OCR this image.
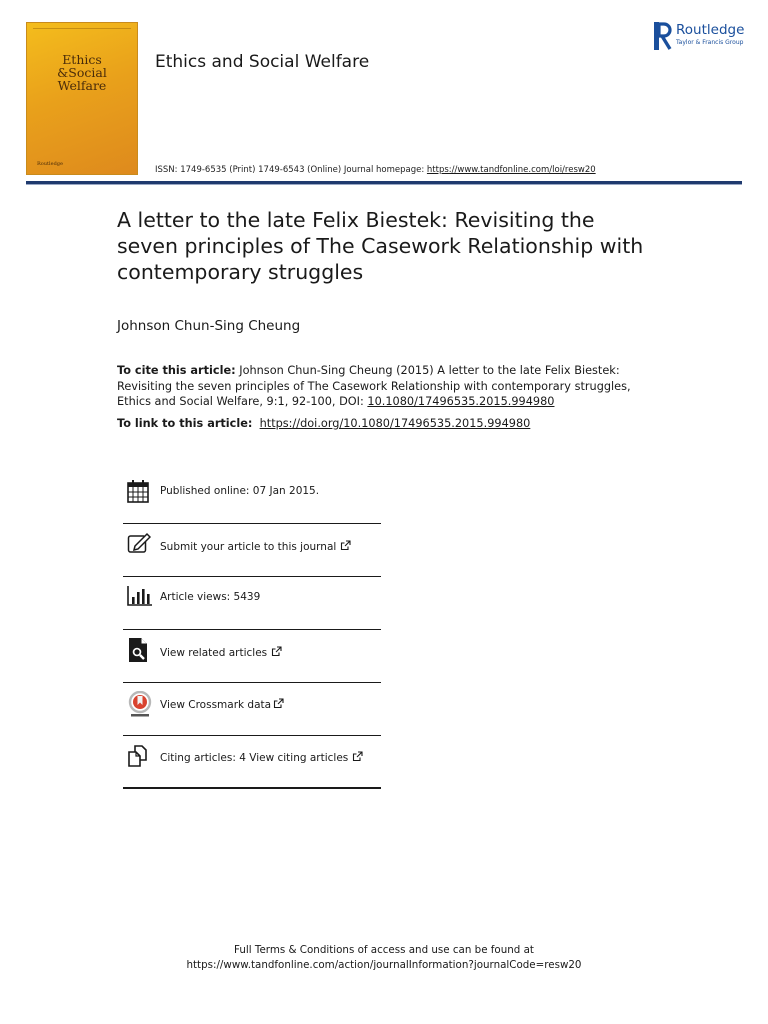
Ethics
&Social
Welfare
Routledge
Ethics and Social Welfare
Routledge
Taylor & Francis Group
ISSN: 1749-6535 (Print) 1749-6543 (Online) Journal homepage: https://www.tandfonline.com/loi/resw20
A letter to the late Felix Biestek: Revisiting the seven principles of The Casework Relationship with contemporary struggles
Johnson Chun-Sing Cheung
To cite this article: Johnson Chun-Sing Cheung (2015) A letter to the late Felix Biestek: Revisiting the seven principles of The Casework Relationship with contemporary struggles, Ethics and Social Welfare, 9:1, 92-100, DOI: 10.1080/17496535.2015.994980
To link to this article: https://doi.org/10.1080/17496535.2015.994980
Published online: 07 Jan 2015.
Submit your article to this journal
Article views: 5439
View related articles
View Crossmark data
Citing articles: 4 View citing articles
Full Terms & Conditions of access and use can be found at
https://www.tandfonline.com/action/journalInformation?journalCode=resw20
